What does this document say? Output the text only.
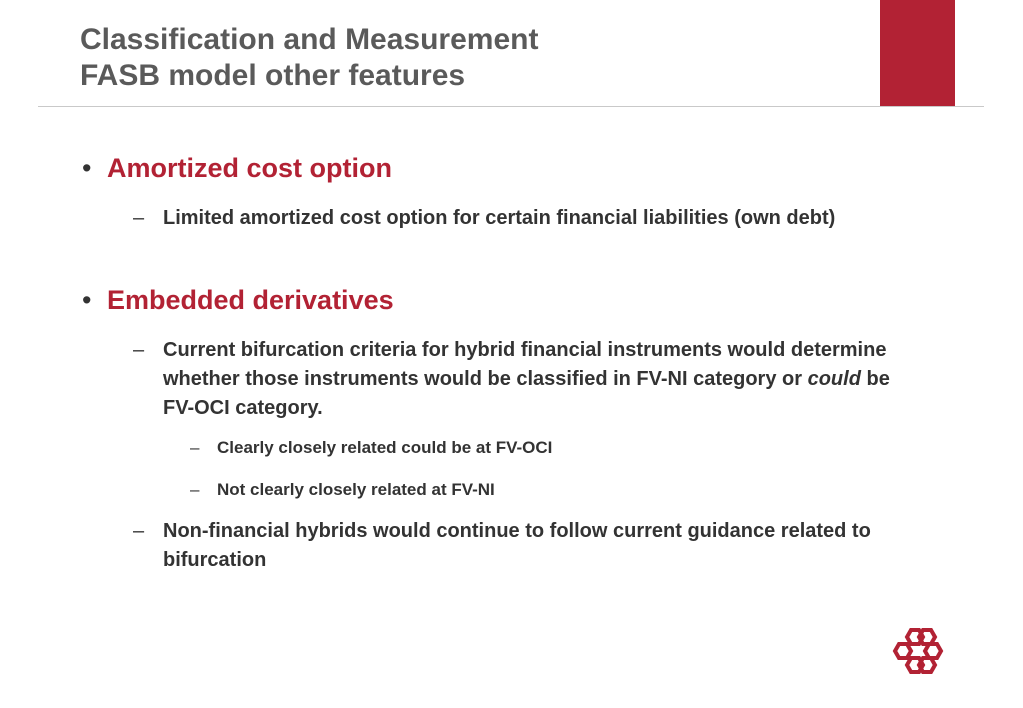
Classification and Measurement
FASB model other features
• Amortized cost option
– Limited amortized cost option for certain financial liabilities (own debt)
• Embedded derivatives
– Current bifurcation criteria for hybrid financial instruments would determine whether those instruments would be classified in FV-NI category or could be FV-OCI category.
– Clearly closely related could be at FV-OCI
– Not clearly closely related at FV-NI
– Non-financial hybrids would continue to follow current guidance related to bifurcation
